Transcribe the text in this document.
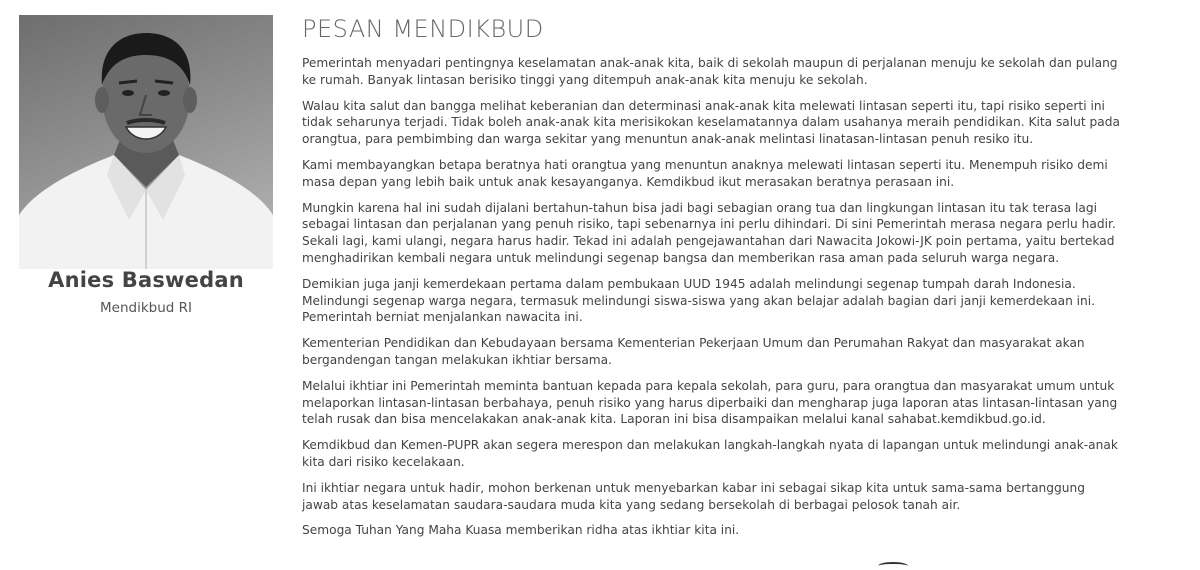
Anies Baswedan
Mendikbud RI
PESAN MENDIKBUD

Pemerintah menyadari pentingnya keselamatan anak-anak kita, baik di sekolah maupun di perjalanan menuju ke sekolah dan pulang ke rumah. Banyak lintasan berisiko tinggi yang ditempuh anak-anak kita menuju ke sekolah.

Walau kita salut dan bangga melihat keberanian dan determinasi anak-anak kita melewati lintasan seperti itu, tapi risiko seperti ini tidak seharunya terjadi. Tidak boleh anak-anak kita merisikokan keselamatannya dalam usahanya meraih pendidikan. Kita salut pada orangtua, para pembimbing dan warga sekitar yang menuntun anak-anak melintasi linatasan-lintasan penuh resiko itu.

Kami membayangkan betapa beratnya hati orangtua yang menuntun anaknya melewati lintasan seperti itu. Menempuh risiko demi masa depan yang lebih baik untuk anak kesayanganya. Kemdikbud ikut merasakan beratnya perasaan ini.

Mungkin karena hal ini sudah dijalani bertahun-tahun bisa jadi bagi sebagian orang tua dan lingkungan lintasan itu tak terasa lagi sebagai lintasan dan perjalanan yang penuh risiko, tapi sebenarnya ini perlu dihindari. Di sini Pemerintah merasa negara perlu hadir. Sekali lagi, kami ulangi, negara harus hadir. Tekad ini adalah pengejawantahan dari Nawacita Jokowi-JK poin pertama, yaitu bertekad menghadirikan kembali negara untuk melindungi segenap bangsa dan memberikan rasa aman pada seluruh warga negara.

Demikian juga janji kemerdekaan pertama dalam pembukaan UUD 1945 adalah melindungi segenap tumpah darah Indonesia. Melindungi segenap warga negara, termasuk melindungi siswa-siswa yang akan belajar adalah bagian dari janji kemerdekaan ini. Pemerintah berniat menjalankan nawacita ini.

Kementerian Pendidikan dan Kebudayaan bersama Kementerian Pekerjaan Umum dan Perumahan Rakyat dan masyarakat akan bergandengan tangan melakukan ikhtiar bersama.

Melalui ikhtiar ini Pemerintah meminta bantuan kepada para kepala sekolah, para guru, para orangtua dan masyarakat umum untuk melaporkan lintasan-lintasan berbahaya, penuh risiko yang harus diperbaiki dan mengharap juga laporan atas lintasan-lintasan yang telah rusak dan bisa mencelakakan anak-anak kita. Laporan ini bisa disampaikan melalui kanal sahabat.kemdikbud.go.id.

Kemdikbud dan Kemen-PUPR akan segera merespon dan melakukan langkah-langkah nyata di lapangan untuk melindungi anak-anak kita dari risiko kecelakaan.

Ini ikhtiar negara untuk hadir, mohon berkenan untuk menyebarkan kabar ini sebagai sikap kita untuk sama-sama bertanggung jawab atas keselamatan saudara-saudara muda kita yang sedang bersekolah di berbagai pelosok tanah air.

Semoga Tuhan Yang Maha Kuasa memberikan ridha atas ikhtiar kita ini.
